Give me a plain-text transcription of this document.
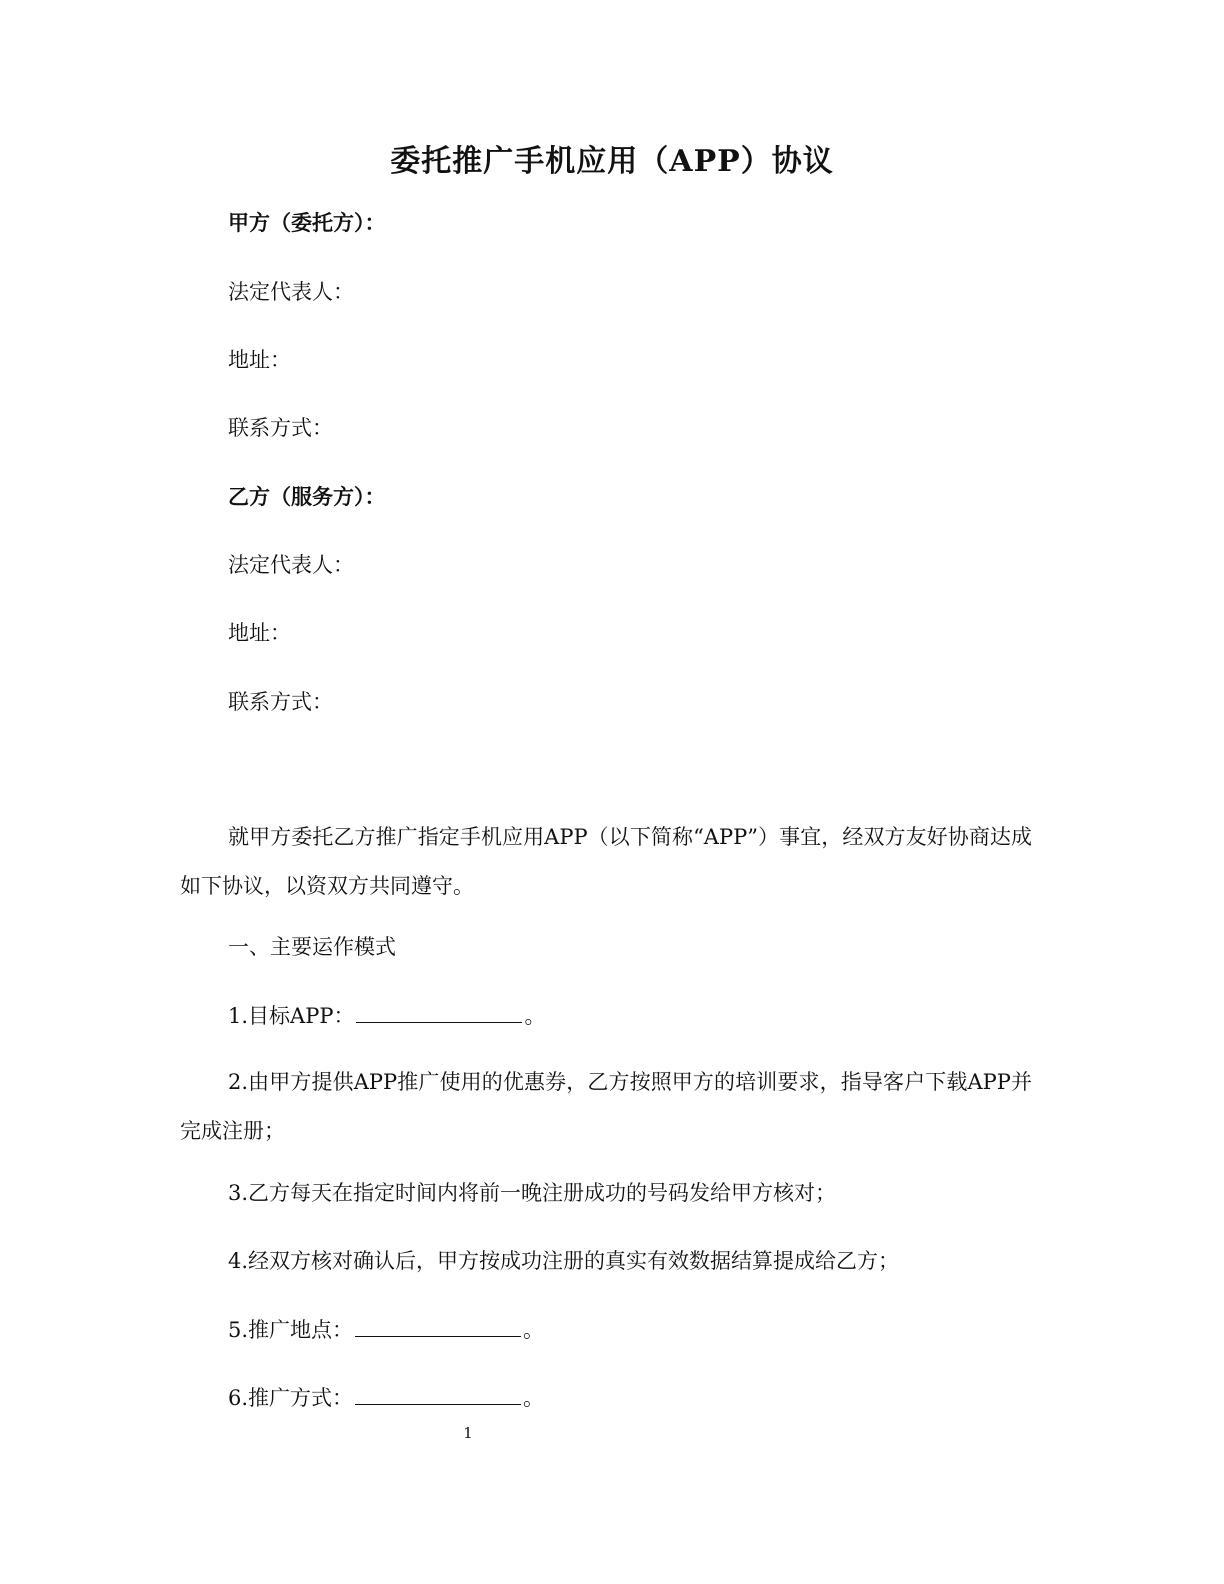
委托推广手机应用（APP）协议
甲方（委托方）：
法定代表人：
地址：
联系方式：
乙方（服务方）：
法定代表人：
地址：
联系方式：
就甲方委托乙方推广指定手机应用APP（以下简称“APP”）事宜，经双方友好协商达成如下协议，以资双方共同遵守。
一、主要运作模式
1.目标APP：	。
2.由甲方提供APP推广使用的优惠券，乙方按照甲方的培训要求，指导客户下载APP并完成注册；
3.乙方每天在指定时间内将前一晚注册成功的号码发给甲方核对；
4.经双方核对确认后，甲方按成功注册的真实有效数据结算提成给乙方；
5.推广地点：	。
6.推广方式：	。
1
